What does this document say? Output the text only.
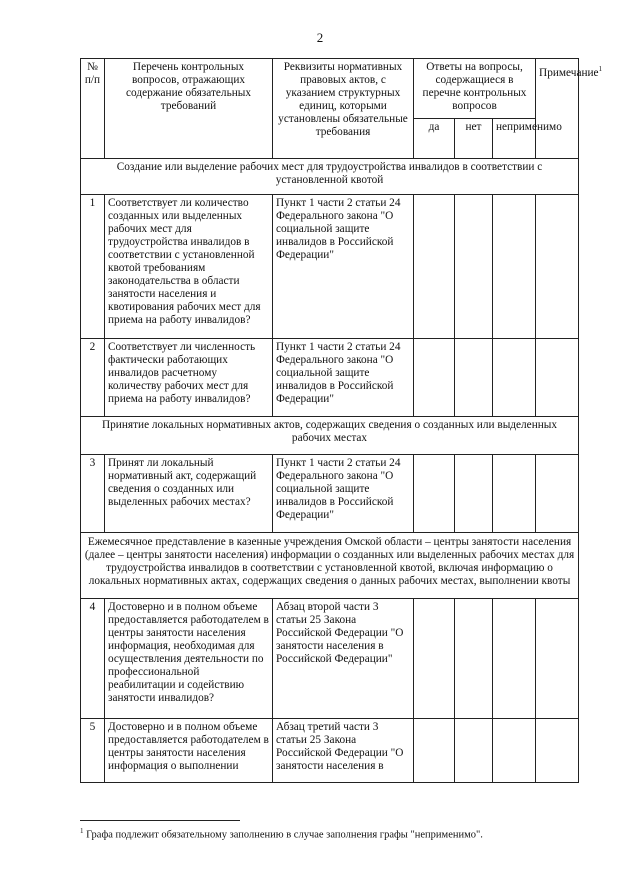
2
№ п/п	Перечень контрольных вопросов, отражающих содержание обязательных требований	Реквизиты нормативных правовых актов, с указанием структурных единиц, которыми установлены обязательные требования	Ответы на вопросы, содержащиеся в перечне контрольных вопросов			Примечание$^1$
			да	нет	неприменимо	
Создание или выделение рабочих мест для трудоустройства инвалидов в соответствии с установленной квотой						
1	Соответствует ли количество созданных или выделенных рабочих мест для трудоустройства инвалидов в соответствии с установленной квотой требованиям законодательства в области занятости населения и квотирования рабочих мест для приема на работу инвалидов?	Пункт 1 части 2 статьи 24 Федерального закона "О социальной защите инвалидов в Российской Федерации"				
2	Соответствует ли численность фактически работающих инвалидов расчетному количеству рабочих мест для приема на работу инвалидов?	Пункт 1 части 2 статьи 24 Федерального закона "О социальной защите инвалидов в Российской Федерации"				
Принятие локальных нормативных актов, содержащих сведения о созданных или выделенных рабочих местах						
3	Принят ли локальный нормативный акт, содержащий сведения о созданных или выделенных рабочих местах?	Пункт 1 части 2 статьи 24 Федерального закона "О социальной защите инвалидов в Российской Федерации"				
Ежемесячное представление в казенные учреждения Омской области – центры занятости населения (далее – центры занятости населения) информации о созданных или выделенных рабочих местах для трудоустройства инвалидов в соответствии с установленной квотой, включая информацию о локальных нормативных актах, содержащих сведения о данных рабочих местах, выполнении квоты						
4	Достоверно и в полном объеме предоставляется работодателем в центры занятости населения информация, необходимая для осуществления деятельности по профессиональной реабилитации и содействию занятости инвалидов?	Абзац второй части 3 статьи 25 Закона Российской Федерации "О занятости населения в Российской Федерации"				
5	Достоверно и в полном объеме предоставляется работодателем в центры занятости населения информация о выполнении	Абзац третий части 3 статьи 25 Закона Российской Федерации "О занятости населения в				
$^1$ Графа подлежит обязательному заполнению в случае заполнения графы "неприменимо".
